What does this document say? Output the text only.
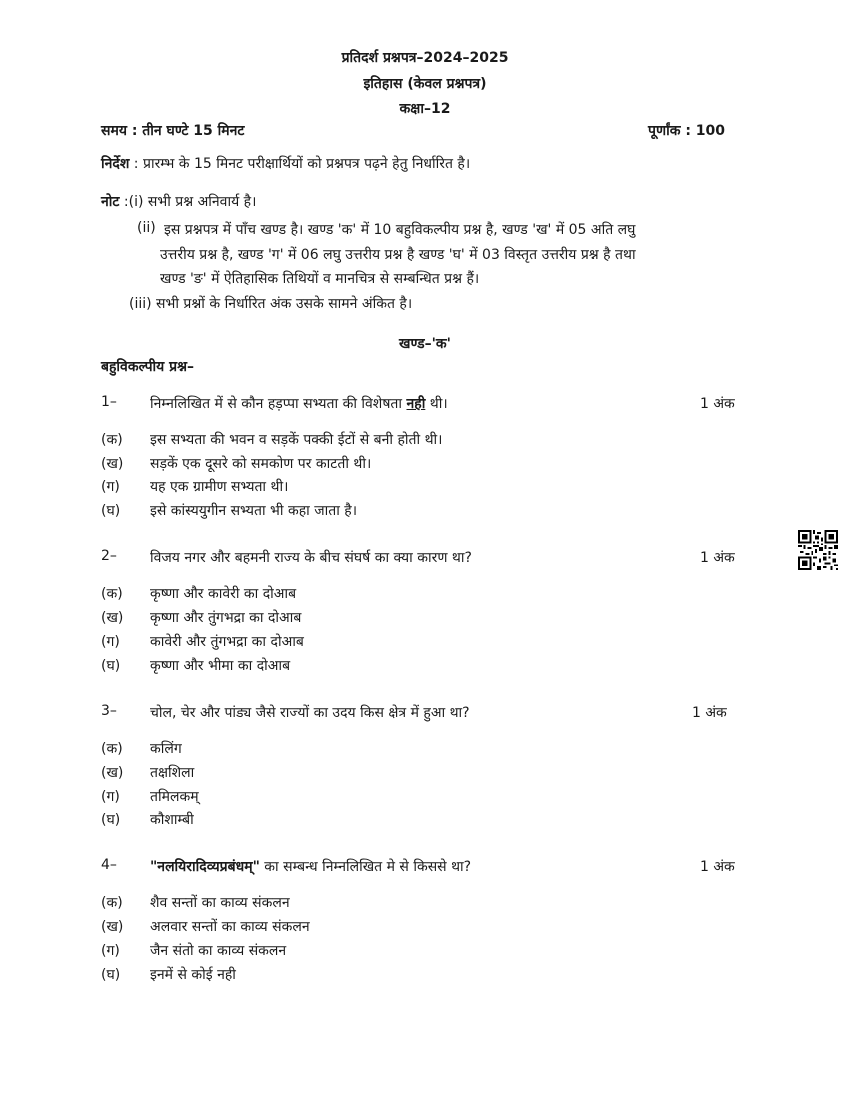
प्रतिदर्श प्रश्नपत्र–2024–2025
इतिहास (केवल प्रश्नपत्र)
कक्षा–12
समय : तीन घण्टे 15 मिनट	पूर्णांक : 100
निर्देश : प्रारम्भ के 15 मिनट परीक्षार्थियों को प्रश्नपत्र पढ़ने हेतु निर्धारित है।
नोट :(i) सभी प्रश्न अनिवार्य है।
(ii) इस प्रश्नपत्र में पाँच खण्ड है। खण्ड 'क' में 10 बहुविकल्पीय प्रश्न है, खण्ड 'ख' में 05 अति लघु
उत्तरीय प्रश्न है, खण्ड 'ग' में 06 लघु उत्तरीय प्रश्न है खण्ड 'घ' में 03 विस्तृत उत्तरीय प्रश्न है तथा
खण्ड 'ङ' में ऐतिहासिक तिथियों व मानचित्र से सम्बन्धित प्रश्न हैं।
(iii) सभी प्रश्नों के निर्धारित अंक उसके सामने अंकित है।
खण्ड–'क'
बहुविकल्पीय प्रश्न–
1– निम्नलिखित में से कौन हड़प्पा सभ्यता की विशेषता नही थी।	1 अंक
(क) इस सभ्यता की भवन व सड़कें पक्की ईटों से बनी होती थी।
(ख) सड़कें एक दूसरे को समकोण पर काटती थी।
(ग) यह एक ग्रामीण सभ्यता थी।
(घ) इसे कांस्ययुगीन सभ्यता भी कहा जाता है।
2– विजय नगर और बहमनी राज्य के बीच संघर्ष का क्या कारण था?	1 अंक
(क) कृष्णा और कावेरी का दोआब
(ख) कृष्णा और तुंगभद्रा का दोआब
(ग) कावेरी और तुंगभद्रा का दोआब
(घ) कृष्णा और भीमा का दोआब
3– चोल, चेर और पांड्य जैसे राज्यों का उदय किस क्षेत्र में हुआ था?	1 अंक
(क) कलिंग
(ख) तक्षशिला
(ग) तमिलकम्
(घ) कौशाम्बी
4– "नलयिरादिव्यप्रबंधम्" का सम्बन्ध निम्नलिखित मे से किससे था?	1 अंक
(क) शैव सन्तों का काव्य संकलन
(ख) अलवार सन्तों का काव्य संकलन
(ग) जैन संतो का काव्य संकलन
(घ) इनमें से कोई नही
